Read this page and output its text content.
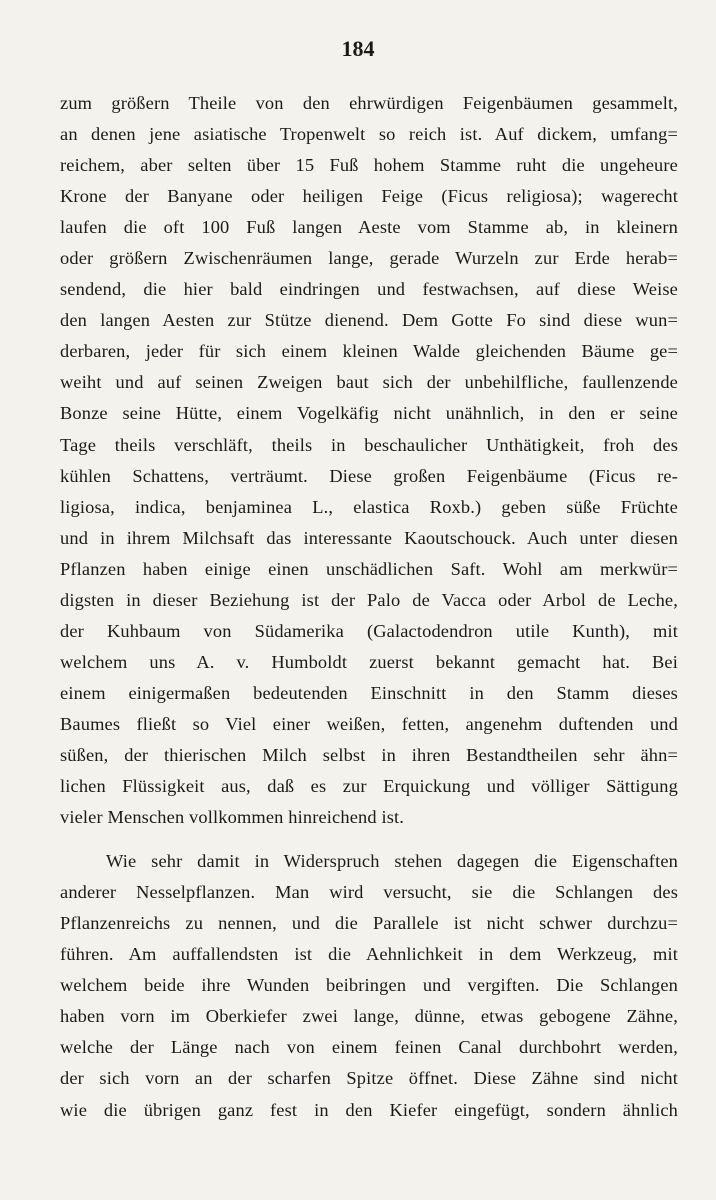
184
zum größern Theile von den ehrwürdigen Feigenbäumen gesammelt,
an denen jene asiatische Tropenwelt so reich ist. Auf dickem, umfang=
reichem, aber selten über 15 Fuß hohem Stamme ruht die ungeheure
Krone der Banyane oder heiligen Feige (Ficus religiosa); wagerecht
laufen die oft 100 Fuß langen Aeste vom Stamme ab, in kleinern
oder größern Zwischenräumen lange, gerade Wurzeln zur Erde herab=
sendend, die hier bald eindringen und festwachsen, auf diese Weise
den langen Aesten zur Stütze dienend. Dem Gotte Fo sind diese wun=
derbaren, jeder für sich einem kleinen Walde gleichenden Bäume ge=
weiht und auf seinen Zweigen baut sich der unbehilfliche, faullenzende
Bonze seine Hütte, einem Vogelkäfig nicht unähnlich, in den er seine
Tage theils verschläft, theils in beschaulicher Unthätigkeit, froh des
kühlen Schattens, verträumt. Diese großen Feigenbäume (Ficus re-
ligiosa, indica, benjaminea L., elastica Roxb.) geben süße Früchte
und in ihrem Milchsaft das interessante Kaoutschouck. Auch unter diesen
Pflanzen haben einige einen unschädlichen Saft. Wohl am merkwür=
digsten in dieser Beziehung ist der Palo de Vacca oder Arbol de Leche,
der Kuhbaum von Südamerika (Galactodendron utile Kunth), mit
welchem uns A. v. Humboldt zuerst bekannt gemacht hat. Bei
einem einigermaßen bedeutenden Einschnitt in den Stamm dieses
Baumes fließt so Viel einer weißen, fetten, angenehm duftenden und
süßen, der thierischen Milch selbst in ihren Bestandtheilen sehr ähn=
lichen Flüssigkeit aus, daß es zur Erquickung und völliger Sättigung
vieler Menschen vollkommen hinreichend ist.
Wie sehr damit in Widerspruch stehen dagegen die Eigenschaften
anderer Nesselpflanzen. Man wird versucht, sie die Schlangen des
Pflanzenreichs zu nennen, und die Parallele ist nicht schwer durchzu=
führen. Am auffallendsten ist die Aehnlichkeit in dem Werkzeug, mit
welchem beide ihre Wunden beibringen und vergiften. Die Schlangen
haben vorn im Oberkiefer zwei lange, dünne, etwas gebogene Zähne,
welche der Länge nach von einem feinen Canal durchbohrt werden,
der sich vorn an der scharfen Spitze öffnet. Diese Zähne sind nicht
wie die übrigen ganz fest in den Kiefer eingefügt, sondern ähnlich
